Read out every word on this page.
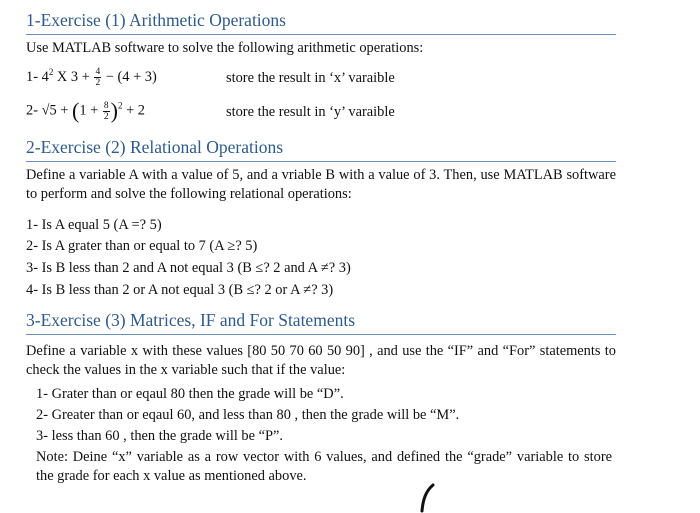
1-Exercise (1) Arithmetic Operations

Use MATLAB software to solve the following arithmetic operations:

1- $4^2$ X $3 + \frac{4}{2} - (4 + 3)$	store the result in ‘x’ varaible
2- $√5 + (1 + \frac{8}{2} )^2 + 2$	store the result in ‘y’ varaible
2-Exercise (2) Relational Operations

Define a variable A with a value of 5, and a vriable B with a value of 3. Then, use MATLAB software to perform and solve the following relational operations:

1- Is A equal 5 (A =? 5)
2- Is A grater than or equal to 7 (A ≥? 5)
3- Is B less than 2 and A not equal 3 (B ≤? 2 and A ≠? 3)
4- Is B less than 2 or A not equal 3 (B ≤? 2 or A ≠? 3)
3-Exercise (3) Matrices, IF and For Statements

Define a variable x with these values [80 50 70 60 50 90] , and use the “IF” and “For” statements to check the values in the x variable such that if the value:

1- Grater than or eqaul 80 then the grade will be “D”.
2- Greater than or eqaul 60, and less than 80 , then the grade will be “M”.
3- less than 60 , then the grade will be “P”.

Note: Deine “x” variable as a row vector with 6 values, and defined the “grade” variable to store the grade for each x value as mentioned above.
